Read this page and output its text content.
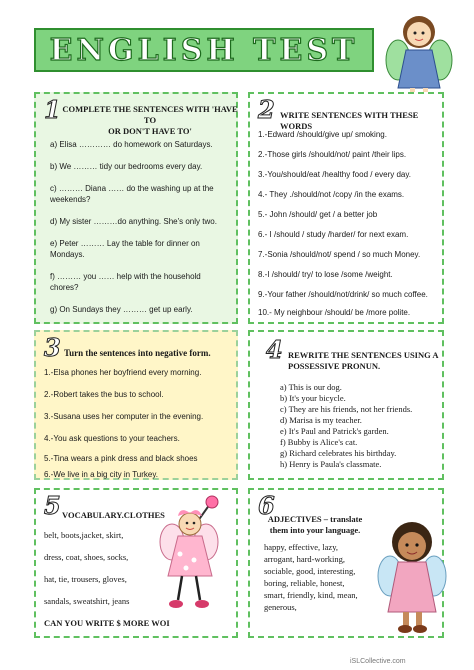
ENGLISH TEST
1 COMPLETE THE SENTENCES WITH 'HAVE TO
OR DON'T HAVE TO'
a) Elisa ………… do homework on Saturdays.
b) We ……… tidy our bedrooms every day.
c) ……… Diana …… do the washing up at the
weekends?
d) My sister ………do anything. She's only two.
e) Peter ……… Lay the table for dinner on
Mondays.
f) ……… you …… help with the household
chores?
g) On Sundays they ……… get up early.
2 WRITE SENTENCES WITH THESE WORDS
1.-Edward /should/give up/ smoking.
2.-Those girls /should/not/ paint /their lips.
3.-You/should/eat /healthy food / every day.
4.- They ./should/not /copy /in the exams.
5.- John /should/ get / a better job
6.- I /should / study /harder/ for next exam.
7.-Sonia /should/not/ spend / so much Money.
8.-I /should/ try/ to lose /some /weight.
9.-Your father /should/not/drink/ so much coffee.
10.- My neighbour /should/ be /more polite.
3 Turn the sentences into negative form.
1.-Elsa phones her boyfriend every morning.
2.-Robert takes the bus to school.
3.-Susana uses her computer in the evening.
4.-You ask questions to your teachers.
5.-Tina wears a pink dress and black shoes
6.-We live in a big city in Turkey.
4 REWRITE THE SENTENCES USING A
POSSESSIVE PRONUN.
a) This is our dog.
b) It's your bicycle.
c) They are his friends, not her friends.
d) Marisa is my teacher.
e) It's Paul and Patrick's garden.
f) Bubby is Alice's cat.
g) Richard celebrates his birthday.
h) Henry is Paula's classmate.
5 VOCABULARY.CLOTHES
belt, boots,jacket, skirt,
dress, coat, shoes, socks,
hat, tie, trousers, gloves,
sandals, sweatshirt, jeans
CAN YOU WRITE $ MORE WOI
6
ADJECTIVES – translate
them into your language.
happy, effective, lazy,
arrogant, hard-working,
sociable, good, interesting,
boring, reliable, honest,
smart, friendly, kind, mean,
generous,
iSLCollective.com
